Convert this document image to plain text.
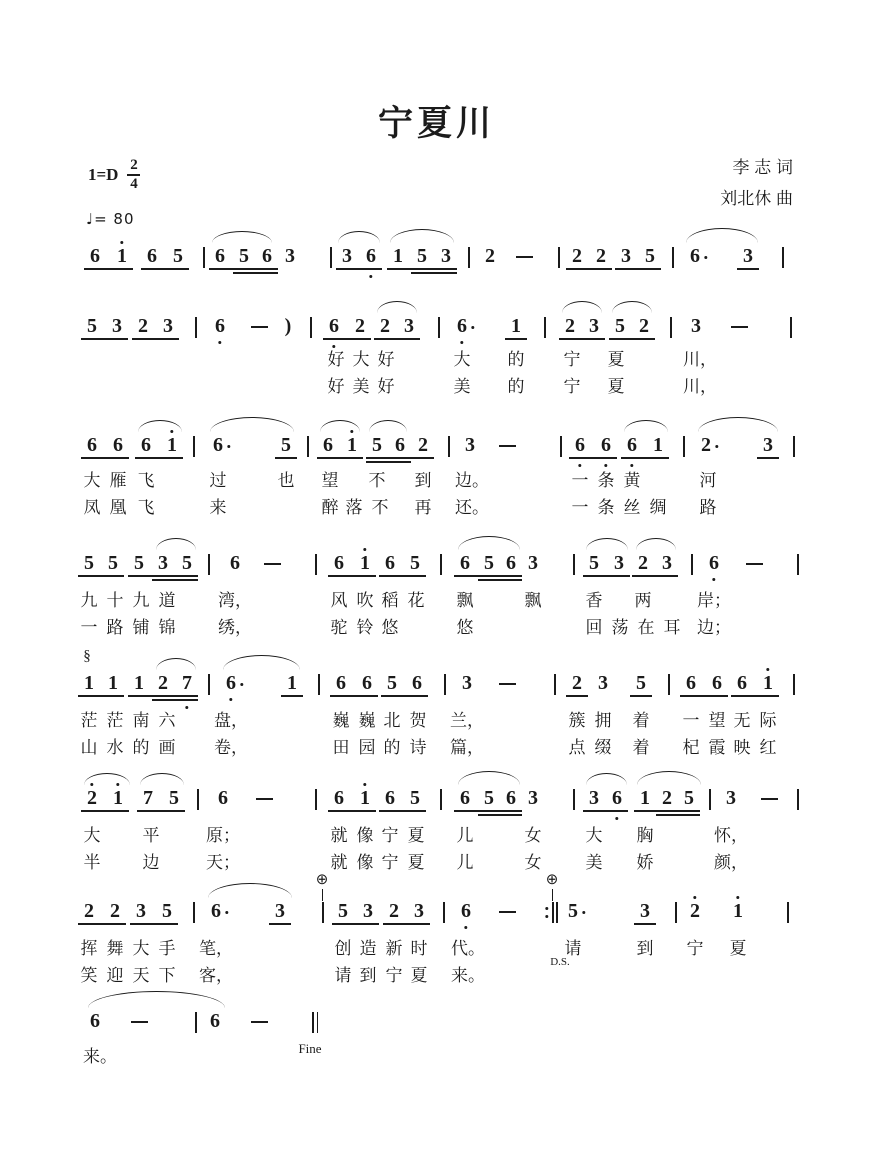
宁夏川
1=D 2
4
♩= 80
李 志 词
刘北休 曲
6 1 6 5 6 5 6 3 3 6 1 5 3 2	2 2 3 5 6 3
5 3 2 3 6	) 6 2 2 3 6 1 2 3 5 2 3
好 大 好	大 的 宁 夏	川，
好 美 好	美 的 宁 夏	川，
6 6 6 1 6	5 6 1 5 6 2 3	6 6 6 1 2	3
大 雁 飞	过	也 望 不 到 边。	一 条 黄	河
凤 凰 飞	来	醉 落 不 再 还。	一 条 丝 绸 路
5 5 5 3 5 6	6 1 6 5 6 5 6 3	5 3 2 3 6
九 十 九 道	湾，	风 吹 稻 花 飘	飘	香 两	岸；
一 路 铺 锦	绣，	驼 铃 悠	悠	回 荡 在 耳 边；
1 1 1 2 7 6	1 6 6 5 6 3	2 3 5 6 6 6 1
茫 茫 南 六 盘，	巍 巍 北 贺 兰，	簇 拥 着 一 望 无 际
山 水 的 画 卷，	田 园 的 诗 篇，	点 缀 着 杞 霞 映 红
2 1 7 5 6	6 1 6 5 6 5 6 3	3 6 1 2 5 3
大 平	原；	就 像 宁 夏 儿	女	大 胸	怀，
半 边	天；	就 像 宁 夏 儿	女	美 娇	颜，
2 2 3 5 6	3	5 3 2 3 6	5	3 2 1
挥 舞 大 手 笔，	创 造 新 时 代。	请	到 宁 夏
笑 迎 天 下 客，	请 到 宁 夏 来。
6	6
来。
§
⊕	⊕
D.S.
Fine
